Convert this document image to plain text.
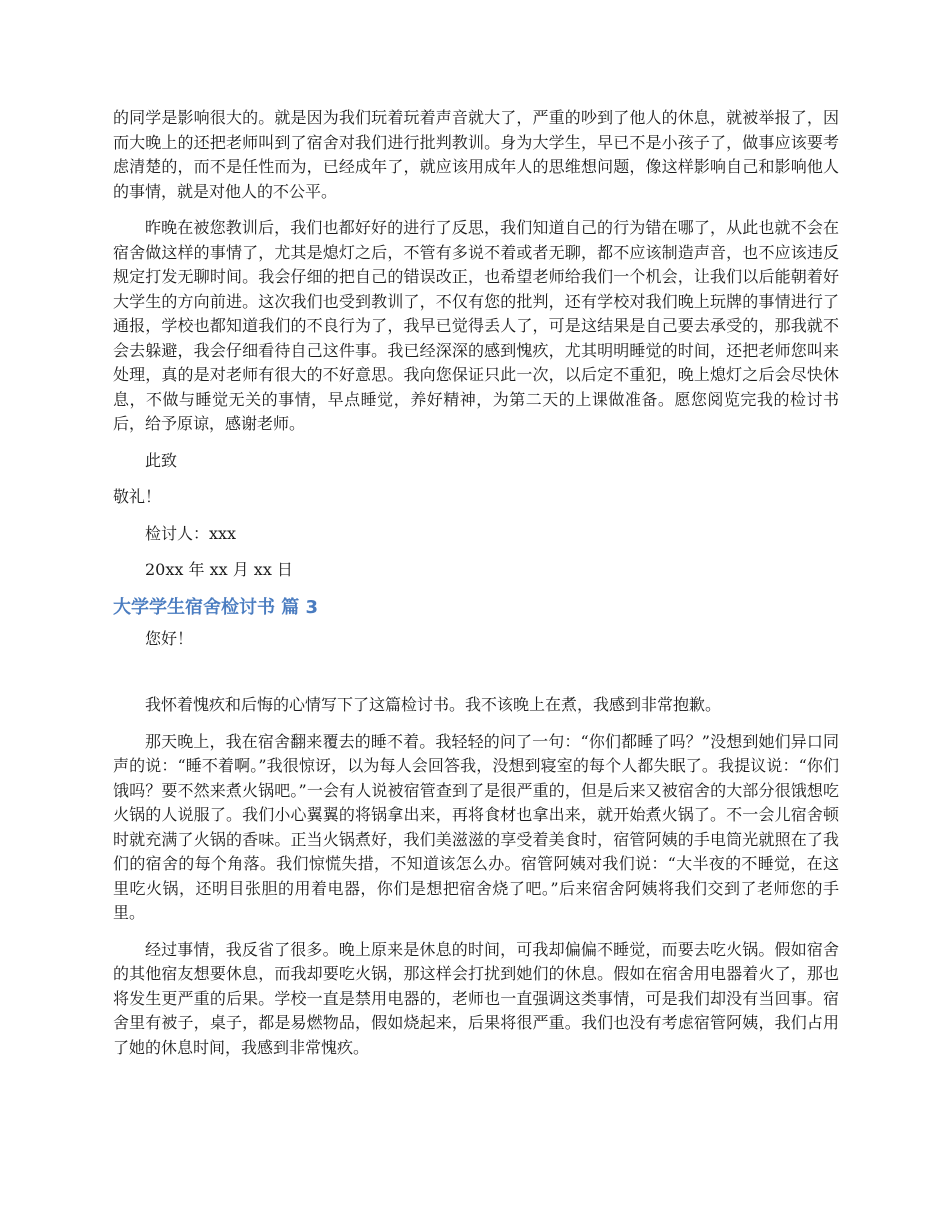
的同学是影响很大的。就是因为我们玩着玩着声音就大了，严重的吵到了他人的休息，就被举报了，因而大晚上的还把老师叫到了宿舍对我们进行批判教训。身为大学生，早已不是小孩子了，做事应该要考虑清楚的，而不是任性而为，已经成年了，就应该用成年人的思维想问题，像这样影响自己和影响他人的事情，就是对他人的不公平。

昨晚在被您教训后，我们也都好好的进行了反思，我们知道自己的行为错在哪了，从此也就不会在宿舍做这样的事情了，尤其是熄灯之后，不管有多说不着或者无聊，都不应该制造声音，也不应该违反规定打发无聊时间。我会仔细的把自己的错误改正，也希望老师给我们一个机会，让我们以后能朝着好大学生的方向前进。这次我们也受到教训了，不仅有您的批判，还有学校对我们晚上玩牌的事情进行了通报，学校也都知道我们的不良行为了，我早已觉得丢人了，可是这结果是自己要去承受的，那我就不会去躲避，我会仔细看待自己这件事。我已经深深的感到愧疚，尤其明明睡觉的时间，还把老师您叫来处理，真的是对老师有很大的不好意思。我向您保证只此一次，以后定不重犯，晚上熄灯之后会尽快休息，不做与睡觉无关的事情，早点睡觉，养好精神，为第二天的上课做准备。愿您阅览完我的检讨书后，给予原谅，感谢老师。

此致

敬礼！

检讨人：xxx

20xx 年 xx 月 xx 日

大学学生宿舍检讨书 篇 3

您好！

我怀着愧疚和后悔的心情写下了这篇检讨书。我不该晚上在煮，我感到非常抱歉。

那天晚上，我在宿舍翻来覆去的睡不着。我轻轻的问了一句：“你们都睡了吗？”没想到她们异口同声的说：“睡不着啊。”我很惊讶，以为每人会回答我，没想到寝室的每个人都失眠了。我提议说：“你们饿吗？要不然来煮火锅吧。”一会有人说被宿管查到了是很严重的，但是后来又被宿舍的大部分很饿想吃火锅的人说服了。我们小心翼翼的将锅拿出来，再将食材也拿出来，就开始煮火锅了。不一会儿宿舍顿时就充满了火锅的香味。正当火锅煮好，我们美滋滋的享受着美食时，宿管阿姨的手电筒光就照在了我们的宿舍的每个角落。我们惊慌失措，不知道该怎么办。宿管阿姨对我们说：“大半夜的不睡觉，在这里吃火锅，还明目张胆的用着电器，你们是想把宿舍烧了吧。”后来宿舍阿姨将我们交到了老师您的手里。

经过事情，我反省了很多。晚上原来是休息的时间，可我却偏偏不睡觉，而要去吃火锅。假如宿舍的其他宿友想要休息，而我却要吃火锅，那这样会打扰到她们的休息。假如在宿舍用电器着火了，那也将发生更严重的后果。学校一直是禁用电器的，老师也一直强调这类事情，可是我们却没有当回事。宿舍里有被子，桌子，都是易燃物品，假如烧起来，后果将很严重。我们也没有考虑宿管阿姨，我们占用了她的休息时间，我感到非常愧疚。
